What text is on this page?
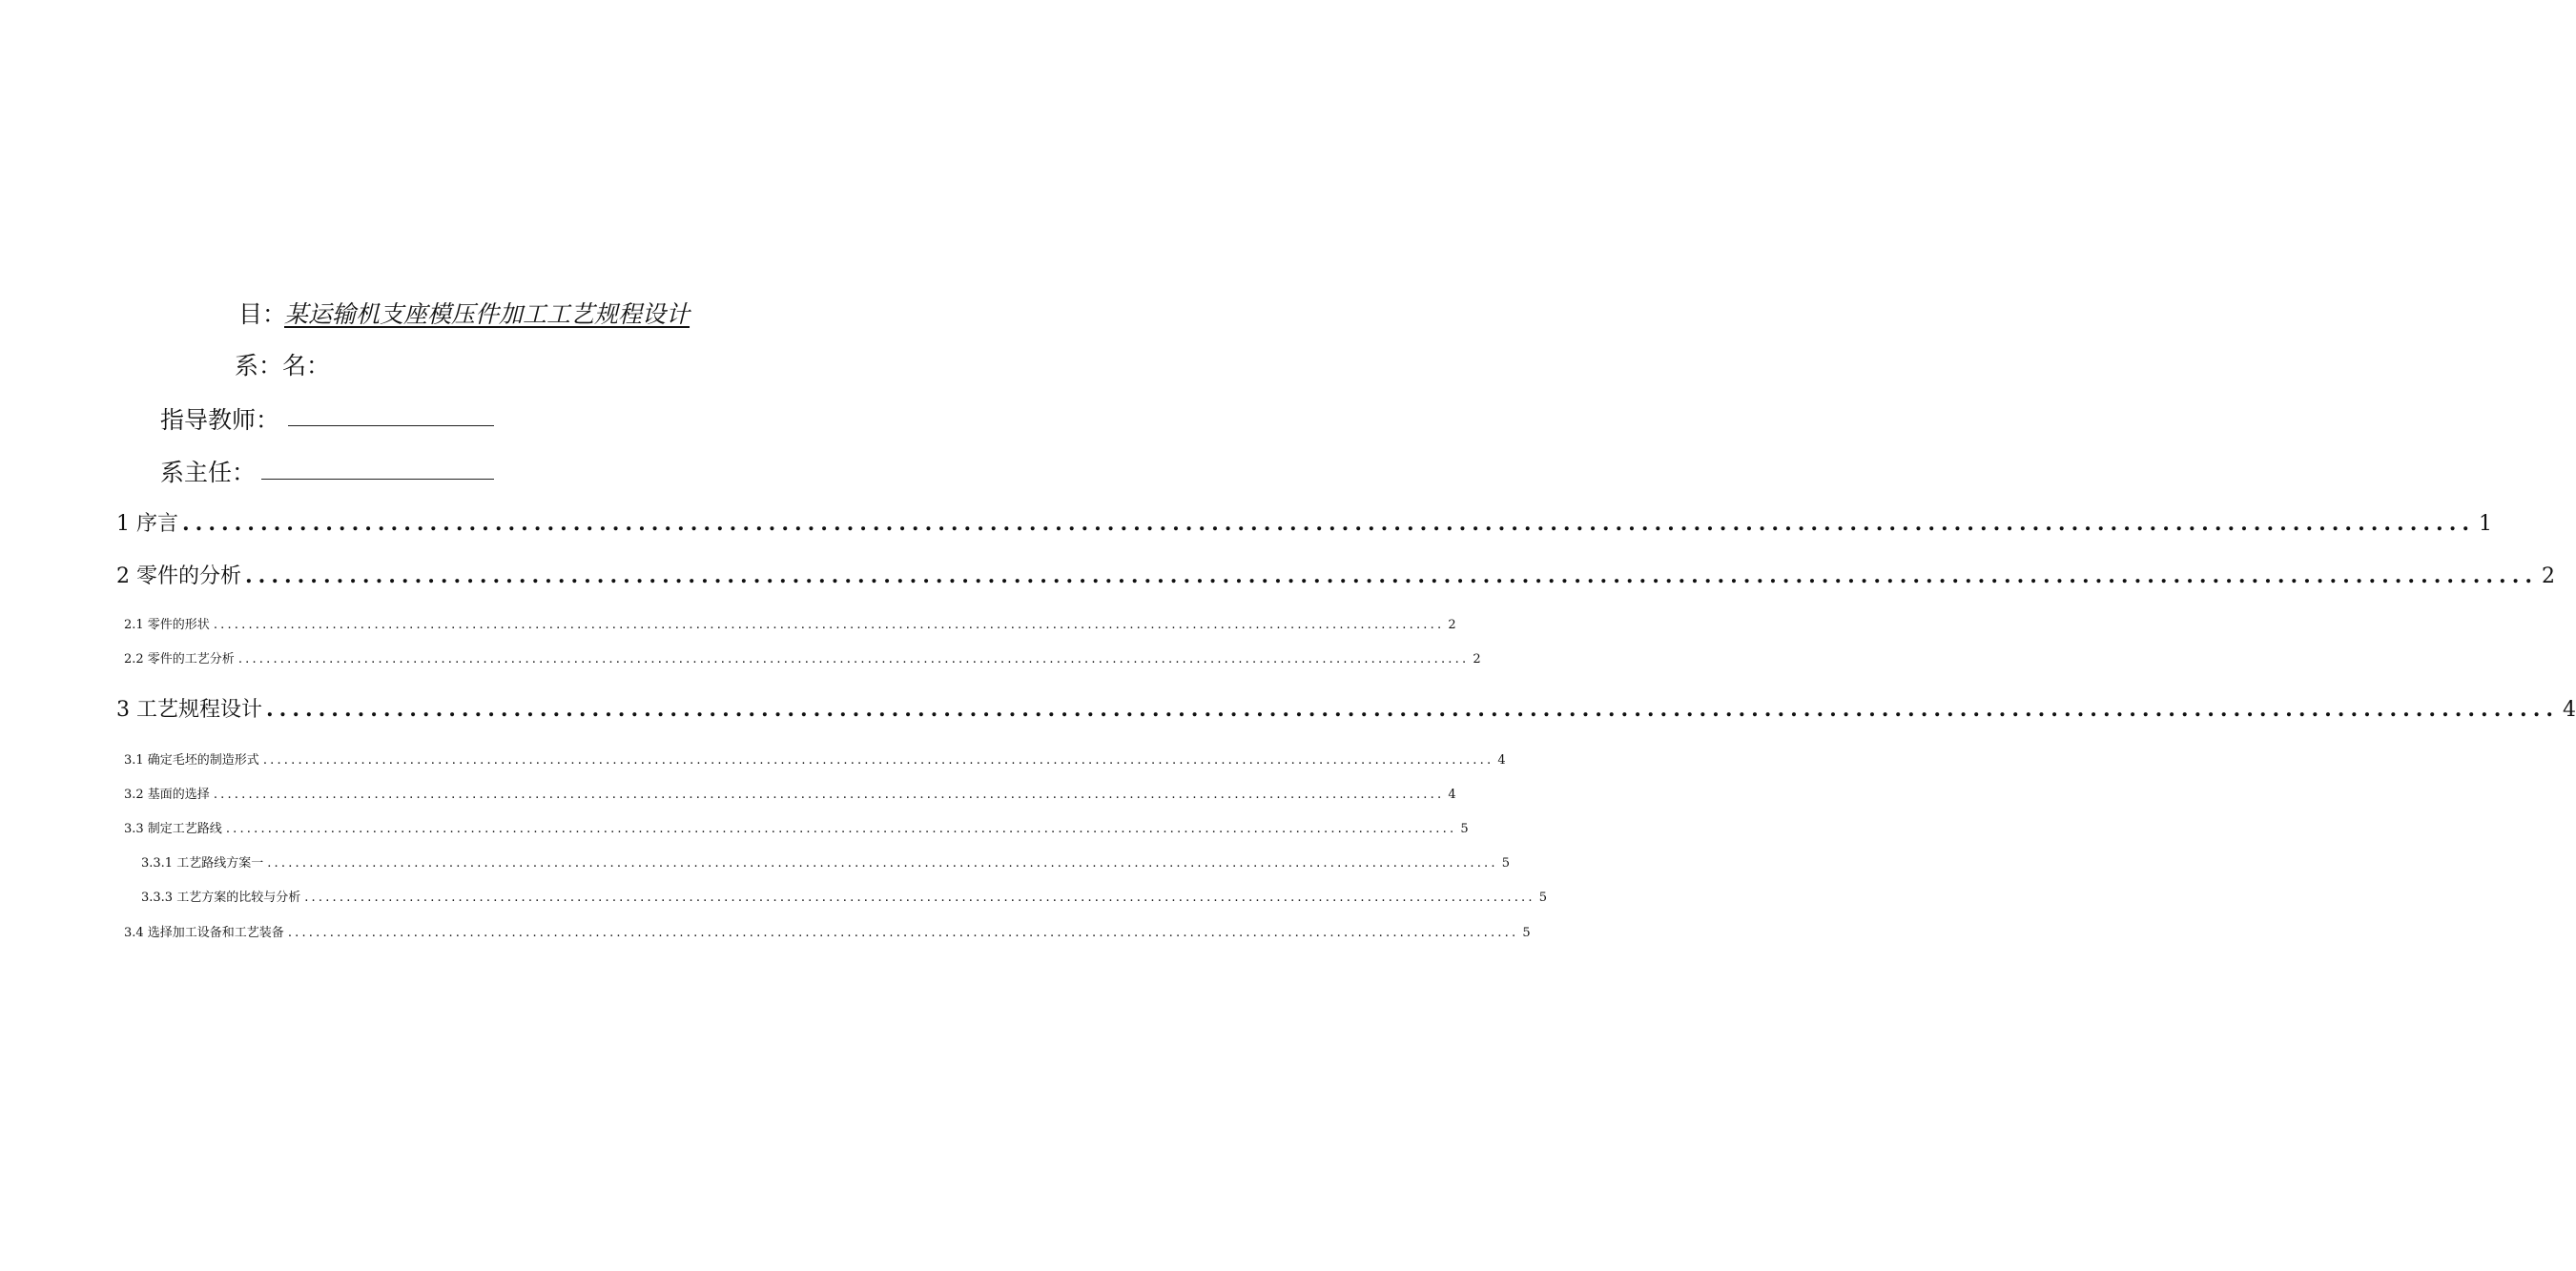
目：
某运输机支座模压件加工工艺规程设计
系：名：
指导教师：
系主任：
1 序言 ................................................................................................................................................................................ 1
2 零件的分析 ................................................................................................................................................................................ 2
2.1 零件的形状 ................................................................................................................................................................................ 2
2.2 零件的工艺分析 ................................................................................................................................................................................ 2
3 工艺规程设计 ................................................................................................................................................................................ 4
3.1 确定毛坯的制造形式 ................................................................................................................................................................................ 4
3.2 基面的选择 ................................................................................................................................................................................ 4
3.3 制定工艺路线 ................................................................................................................................................................................ 5
3.3.1 工艺路线方案一 ................................................................................................................................................................................ 5
3.3.3 工艺方案的比较与分析 ................................................................................................................................................................................ 5
3.4 选择加工设备和工艺装备 ................................................................................................................................................................................ 5
